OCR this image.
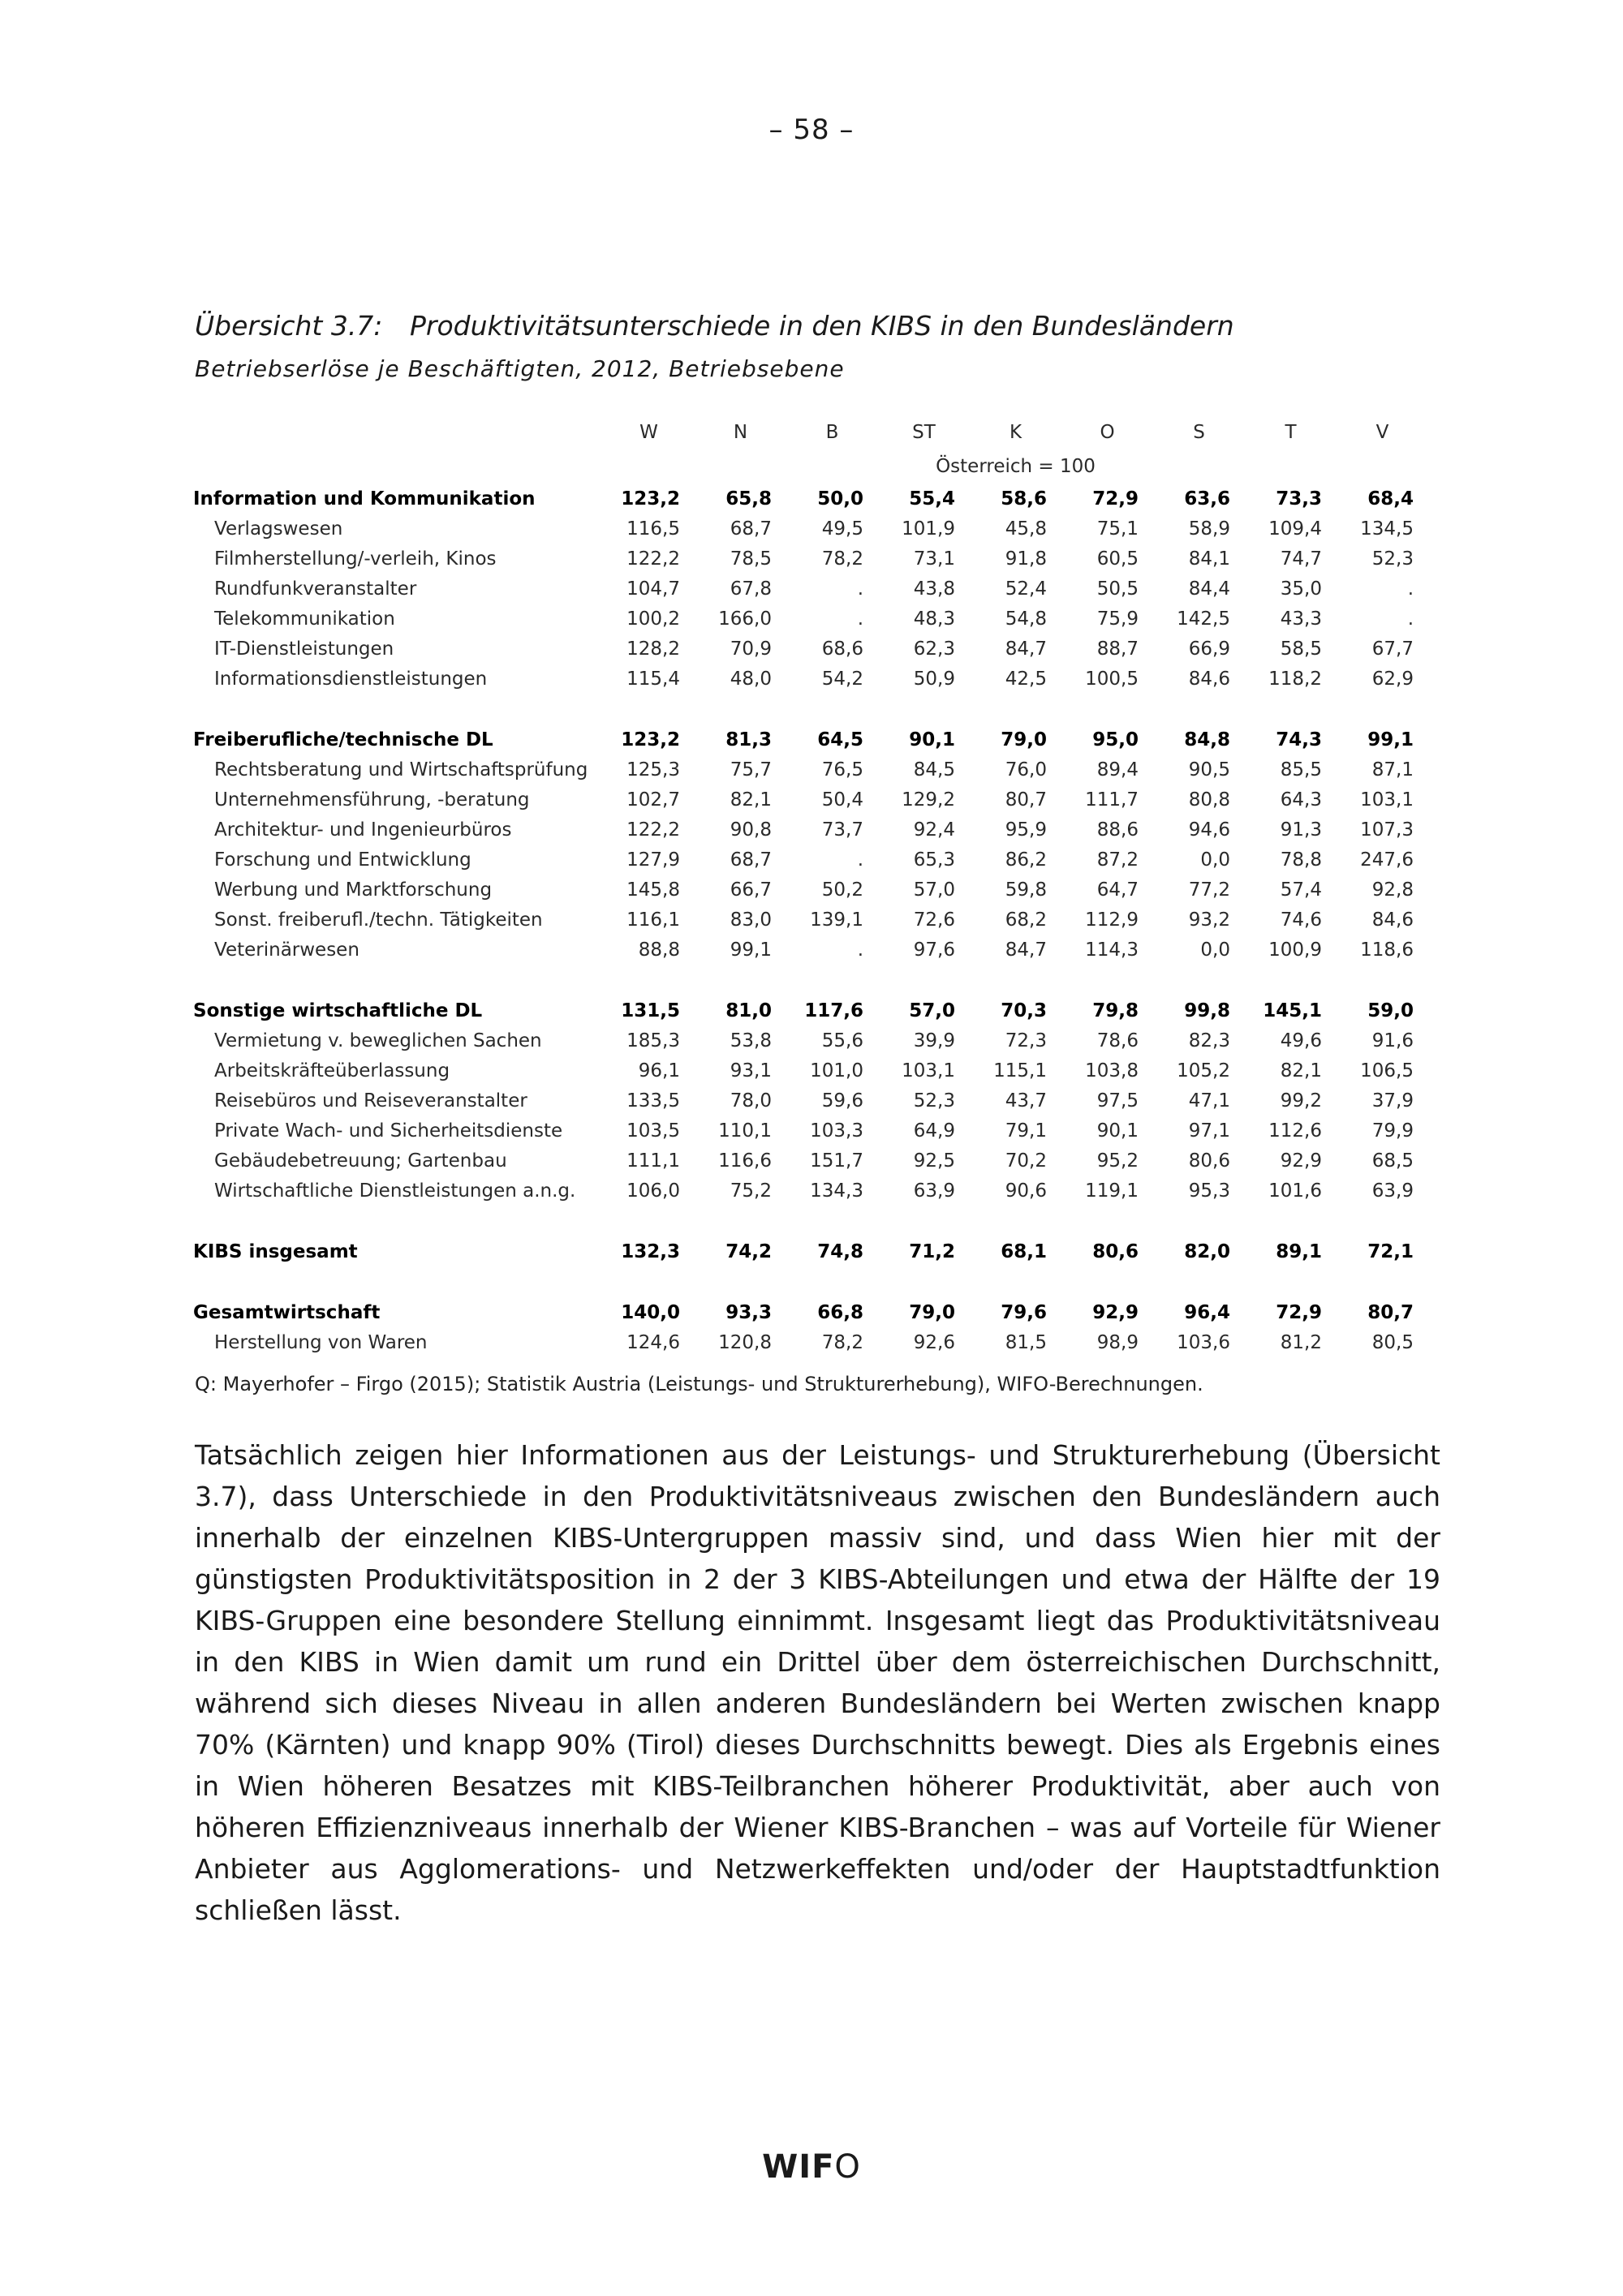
– 58 –
Übersicht 3.7: Produktivitätsunterschiede in den KIBS in den Bundesländern
Betriebserlöse je Beschäftigten, 2012, Betriebsebene
	W	N	B	ST	K	O	S	T	V
				Österreich = 100					
Information und Kommunikation	123,2	65,8	50,0	55,4	58,6	72,9	63,6	73,3	68,4
Verlagswesen	116,5	68,7	49,5	101,9	45,8	75,1	58,9	109,4	134,5
Filmherstellung/-verleih, Kinos	122,2	78,5	78,2	73,1	91,8	60,5	84,1	74,7	52,3
Rundfunkveranstalter	104,7	67,8	.	43,8	52,4	50,5	84,4	35,0	.
Telekommunikation	100,2	166,0	.	48,3	54,8	75,9	142,5	43,3	.
IT-Dienstleistungen	128,2	70,9	68,6	62,3	84,7	88,7	66,9	58,5	67,7
Informationsdienstleistungen	115,4	48,0	54,2	50,9	42,5	100,5	84,6	118,2	62,9

Freiberufliche/technische DL	123,2	81,3	64,5	90,1	79,0	95,0	84,8	74,3	99,1
Rechtsberatung und Wirtschaftsprüfung	125,3	75,7	76,5	84,5	76,0	89,4	90,5	85,5	87,1
Unternehmensführung, -beratung	102,7	82,1	50,4	129,2	80,7	111,7	80,8	64,3	103,1
Architektur- und Ingenieurbüros	122,2	90,8	73,7	92,4	95,9	88,6	94,6	91,3	107,3
Forschung und Entwicklung	127,9	68,7	.	65,3	86,2	87,2	0,0	78,8	247,6
Werbung und Marktforschung	145,8	66,7	50,2	57,0	59,8	64,7	77,2	57,4	92,8
Sonst. freiberufl./techn. Tätigkeiten	116,1	83,0	139,1	72,6	68,2	112,9	93,2	74,6	84,6
Veterinärwesen	88,8	99,1	.	97,6	84,7	114,3	0,0	100,9	118,6

Sonstige wirtschaftliche DL	131,5	81,0	117,6	57,0	70,3	79,8	99,8	145,1	59,0
Vermietung v. beweglichen Sachen	185,3	53,8	55,6	39,9	72,3	78,6	82,3	49,6	91,6
Arbeitskräfteüberlassung	96,1	93,1	101,0	103,1	115,1	103,8	105,2	82,1	106,5
Reisebüros und Reiseveranstalter	133,5	78,0	59,6	52,3	43,7	97,5	47,1	99,2	37,9
Private Wach- und Sicherheitsdienste	103,5	110,1	103,3	64,9	79,1	90,1	97,1	112,6	79,9
Gebäudebetreuung; Gartenbau	111,1	116,6	151,7	92,5	70,2	95,2	80,6	92,9	68,5
Wirtschaftliche Dienstleistungen a.n.g.	106,0	75,2	134,3	63,9	90,6	119,1	95,3	101,6	63,9

KIBS insgesamt	132,3	74,2	74,8	71,2	68,1	80,6	82,0	89,1	72,1

Gesamtwirtschaft	140,0	93,3	66,8	79,0	79,6	92,9	96,4	72,9	80,7
Herstellung von Waren	124,6	120,8	78,2	92,6	81,5	98,9	103,6	81,2	80,5
Q: Mayerhofer – Firgo (2015); Statistik Austria (Leistungs- und Strukturerhebung), WIFO-Berechnungen.
Tatsächlich zeigen hier Informationen aus der Leistungs- und Strukturerhebung (Übersicht 3.7), dass Unterschiede in den Produktivitätsniveaus zwischen den Bundesländern auch innerhalb der einzelnen KIBS-Untergruppen massiv sind, und dass Wien hier mit der günstigsten Produktivitätsposition in 2 der 3 KIBS-Abteilungen und etwa der Hälfte der 19 KIBS-Gruppen eine besondere Stellung einnimmt. Insgesamt liegt das Produktivitätsniveau in den KIBS in Wien damit um rund ein Drittel über dem österreichischen Durchschnitt, während sich dieses Niveau in allen anderen Bundesländern bei Werten zwischen knapp 70% (Kärnten) und knapp 90% (Tirol) dieses Durchschnitts bewegt. Dies als Ergebnis eines in Wien höheren Besatzes mit KIBS-Teilbranchen höherer Produktivität, aber auch von höheren Effizienzniveaus innerhalb der Wiener KIBS-Branchen – was auf Vorteile für Wiener Anbieter aus Agglomerations- und Netzwerkeffekten und/oder der Hauptstadtfunktion schließen lässt.
WIFO
